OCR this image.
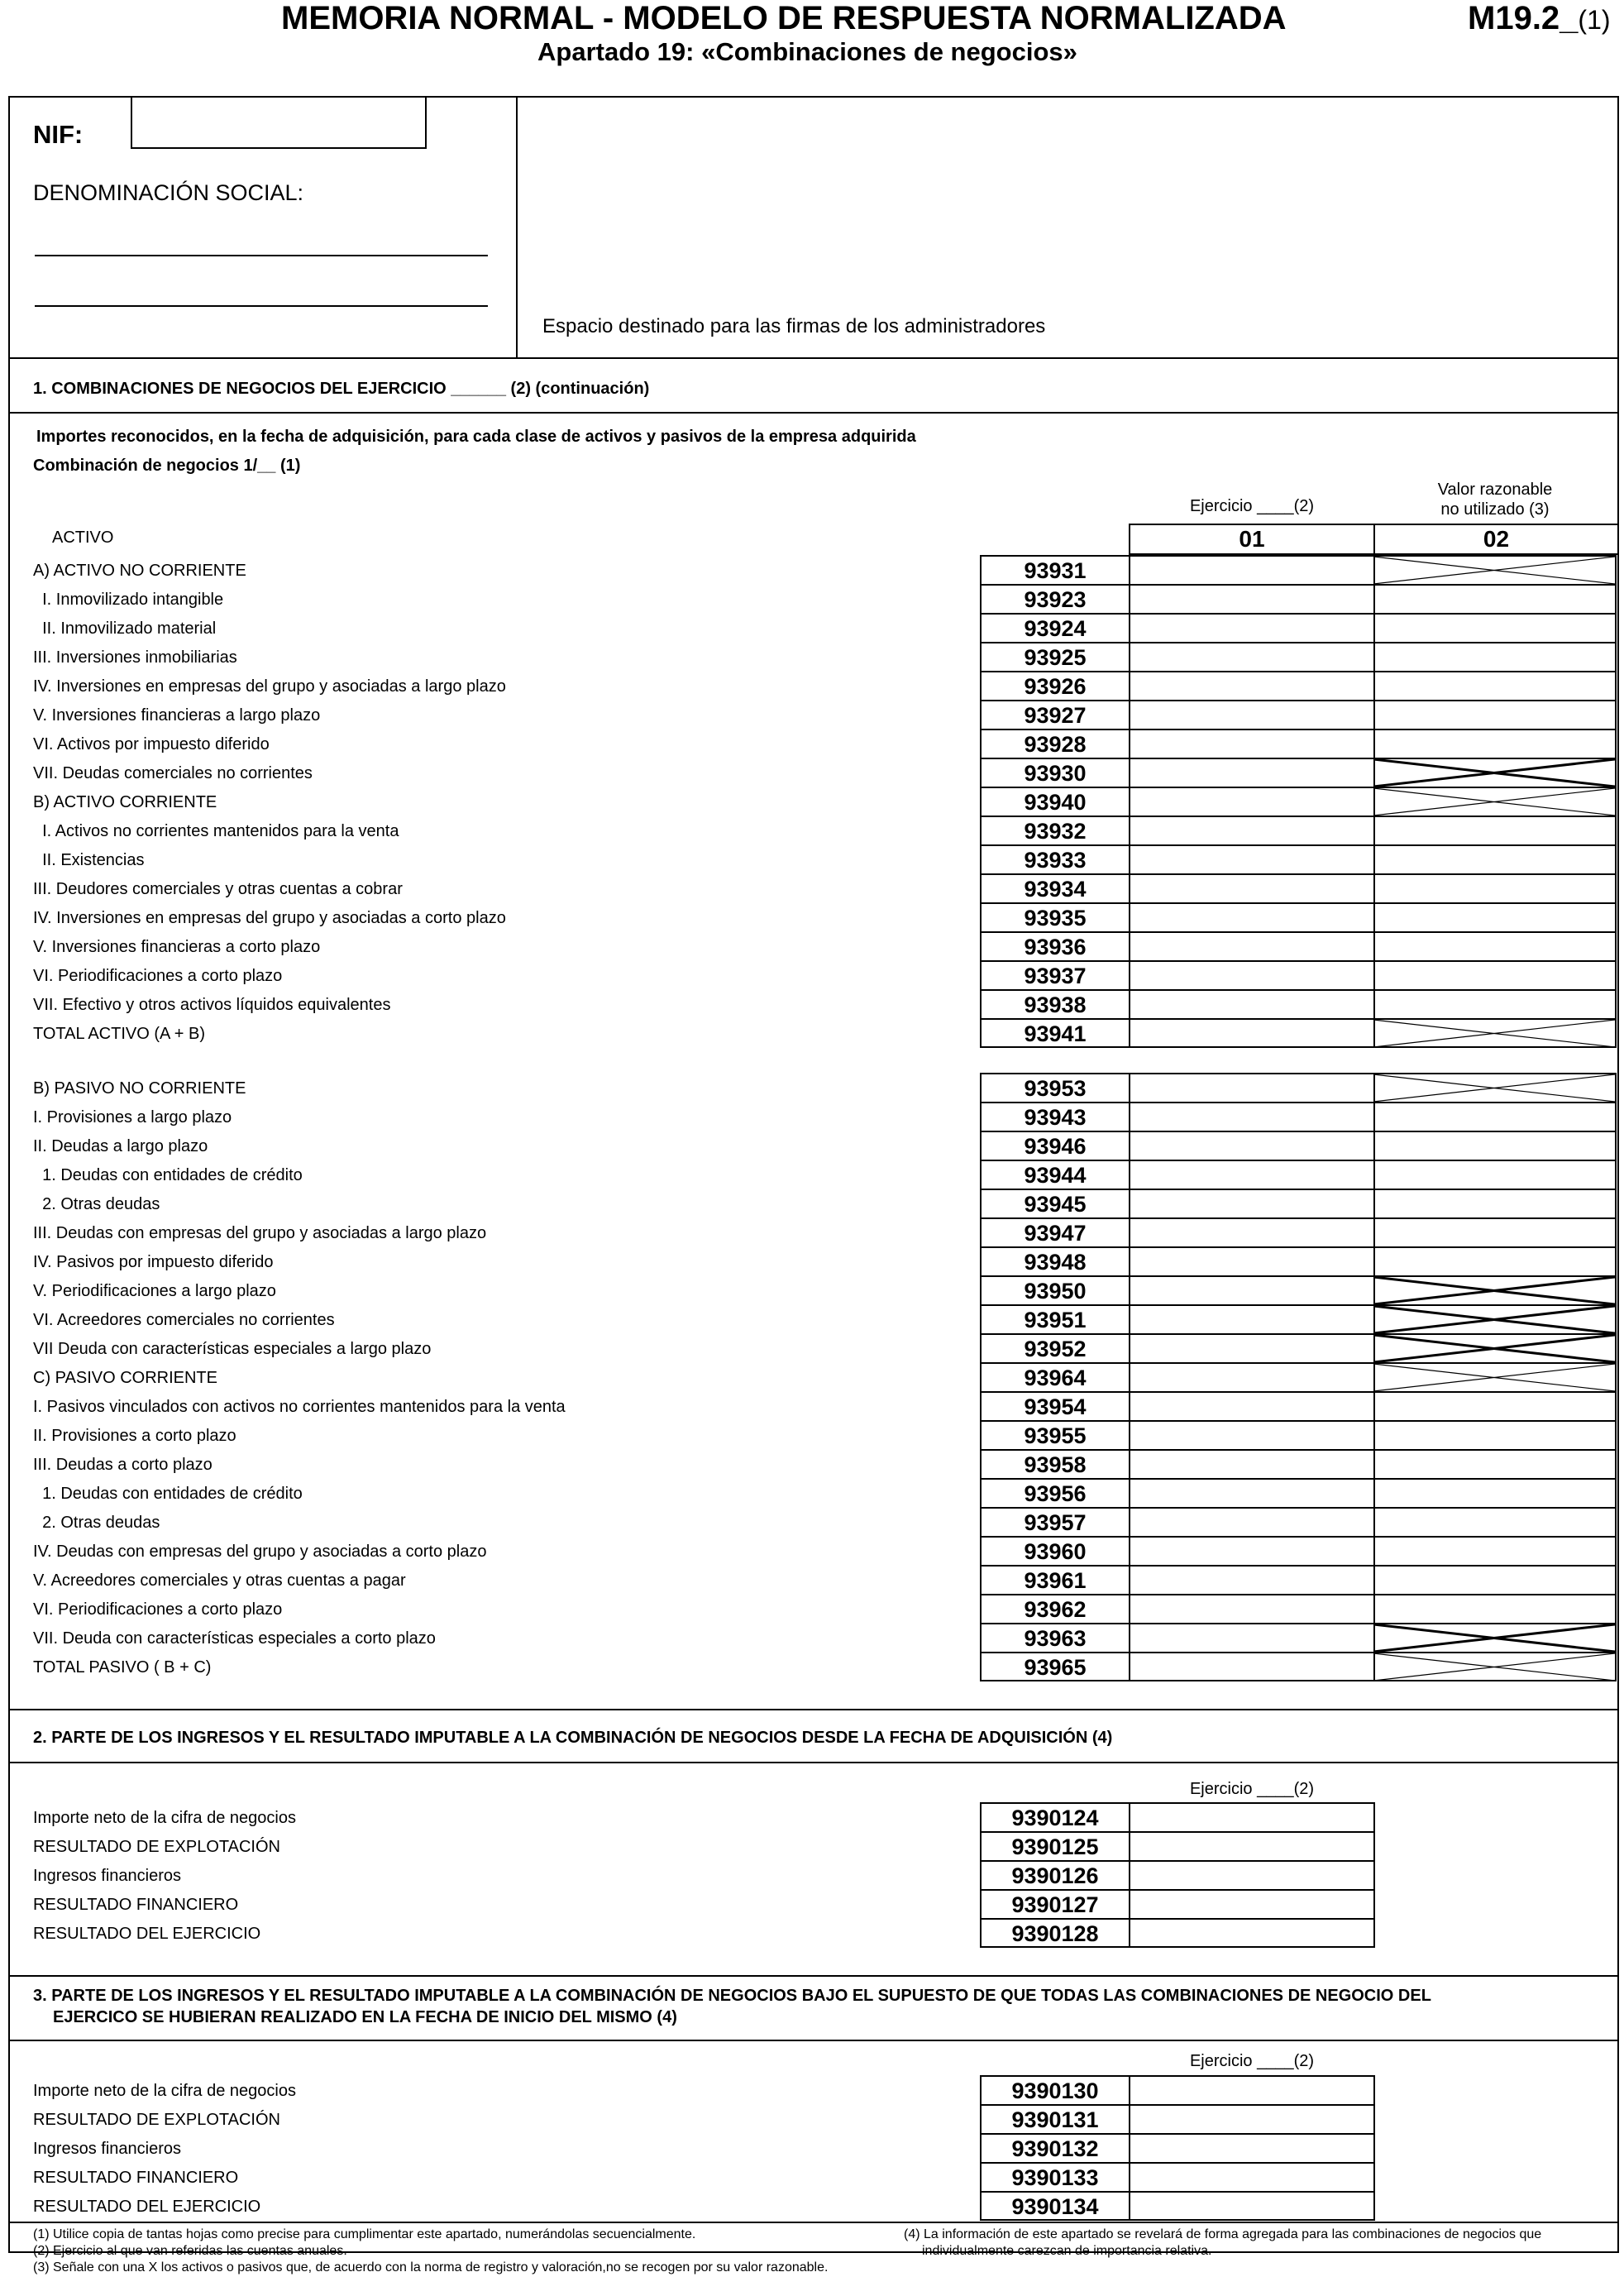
MEMORIA NORMAL - MODELO DE RESPUESTA NORMALIZADA	M19.2_(1)
Apartado 19: «Combinaciones de negocios»
NIF:
DENOMINACIÓN SOCIAL:
Espacio destinado para las firmas de los administradores
1. COMBINACIONES DE NEGOCIOS DEL EJERCICIO ______ (2) (continuación)
Importes reconocidos, en la fecha de adquisición, para cada clase de activos y pasivos de la empresa adquirida
Combinación de negocios 1/__ (1)
Ejercicio ____(2)
Valor razonable
no utilizado (3)
01	02
ACTIVO
A) ACTIVO NO CORRIENTE	93931
I. Inmovilizado intangible	93923
II. Inmovilizado material	93924
III. Inversiones inmobiliarias	93925
IV. Inversiones en empresas del grupo y asociadas a largo plazo	93926
V. Inversiones financieras a largo plazo	93927
VI. Activos por impuesto diferido	93928
VII. Deudas comerciales no corrientes	93930
B) ACTIVO CORRIENTE	93940
I. Activos no corrientes mantenidos para la venta	93932
II. Existencias	93933
III. Deudores comerciales y otras cuentas a cobrar	93934
IV. Inversiones en empresas del grupo y asociadas a corto plazo	93935
V. Inversiones financieras a corto plazo	93936
VI. Periodificaciones a corto plazo	93937
VII. Efectivo y otros activos líquidos equivalentes	93938
TOTAL ACTIVO (A + B)	93941
B) PASIVO NO CORRIENTE	93953
I. Provisiones a largo plazo	93943
II. Deudas a largo plazo	93946
1. Deudas con entidades de crédito	93944
2. Otras deudas	93945
III. Deudas con empresas del grupo y asociadas a largo plazo	93947
IV. Pasivos por impuesto diferido	93948
V. Periodificaciones a largo plazo	93950
VI. Acreedores comerciales no corrientes	93951
VII Deuda con características especiales a largo plazo	93952
C) PASIVO CORRIENTE	93964
I. Pasivos vinculados con activos no corrientes mantenidos para la venta	93954
II. Provisiones a corto plazo	93955
III. Deudas a corto plazo	93958
1. Deudas con entidades de crédito	93956
2. Otras deudas	93957
IV. Deudas con empresas del grupo y asociadas a corto plazo	93960
V. Acreedores comerciales y otras cuentas a pagar	93961
VI. Periodificaciones a corto plazo	93962
VII. Deuda con características especiales a corto plazo	93963
TOTAL PASIVO ( B + C)	93965
2. PARTE DE LOS INGRESOS Y EL RESULTADO IMPUTABLE A LA COMBINACIÓN DE NEGOCIOS DESDE LA FECHA DE ADQUISICIÓN (4)
Ejercicio ____(2)
Importe neto de la cifra de negocios	9390124
RESULTADO DE EXPLOTACIÓN	9390125
Ingresos financieros	9390126
RESULTADO FINANCIERO	9390127
RESULTADO DEL EJERCICIO	9390128
3. PARTE DE LOS INGRESOS Y EL RESULTADO IMPUTABLE A LA COMBINACIÓN DE NEGOCIOS BAJO EL SUPUESTO DE QUE TODAS LAS COMBINACIONES DE NEGOCIO DEL
EJERCICO SE HUBIERAN REALIZADO EN LA FECHA DE INICIO DEL MISMO (4)
Ejercicio ____(2)
Importe neto de la cifra de negocios	9390130
RESULTADO DE EXPLOTACIÓN	9390131
Ingresos financieros	9390132
RESULTADO FINANCIERO	9390133
RESULTADO DEL EJERCICIO	9390134
(1) Utilice copia de tantas hojas como precise para cumplimentar este apartado, numerándolas secuencialmente.
(2) Ejercicio al que van referidas las cuentas anuales.
(3) Señale con una X los activos o pasivos que, de acuerdo con la norma de registro y valoración,no se recogen por su valor razonable.
(4) La información de este apartado se revelará de forma agregada para las combinaciones de negocios que
individualmente carezcan de importancia relativa.
